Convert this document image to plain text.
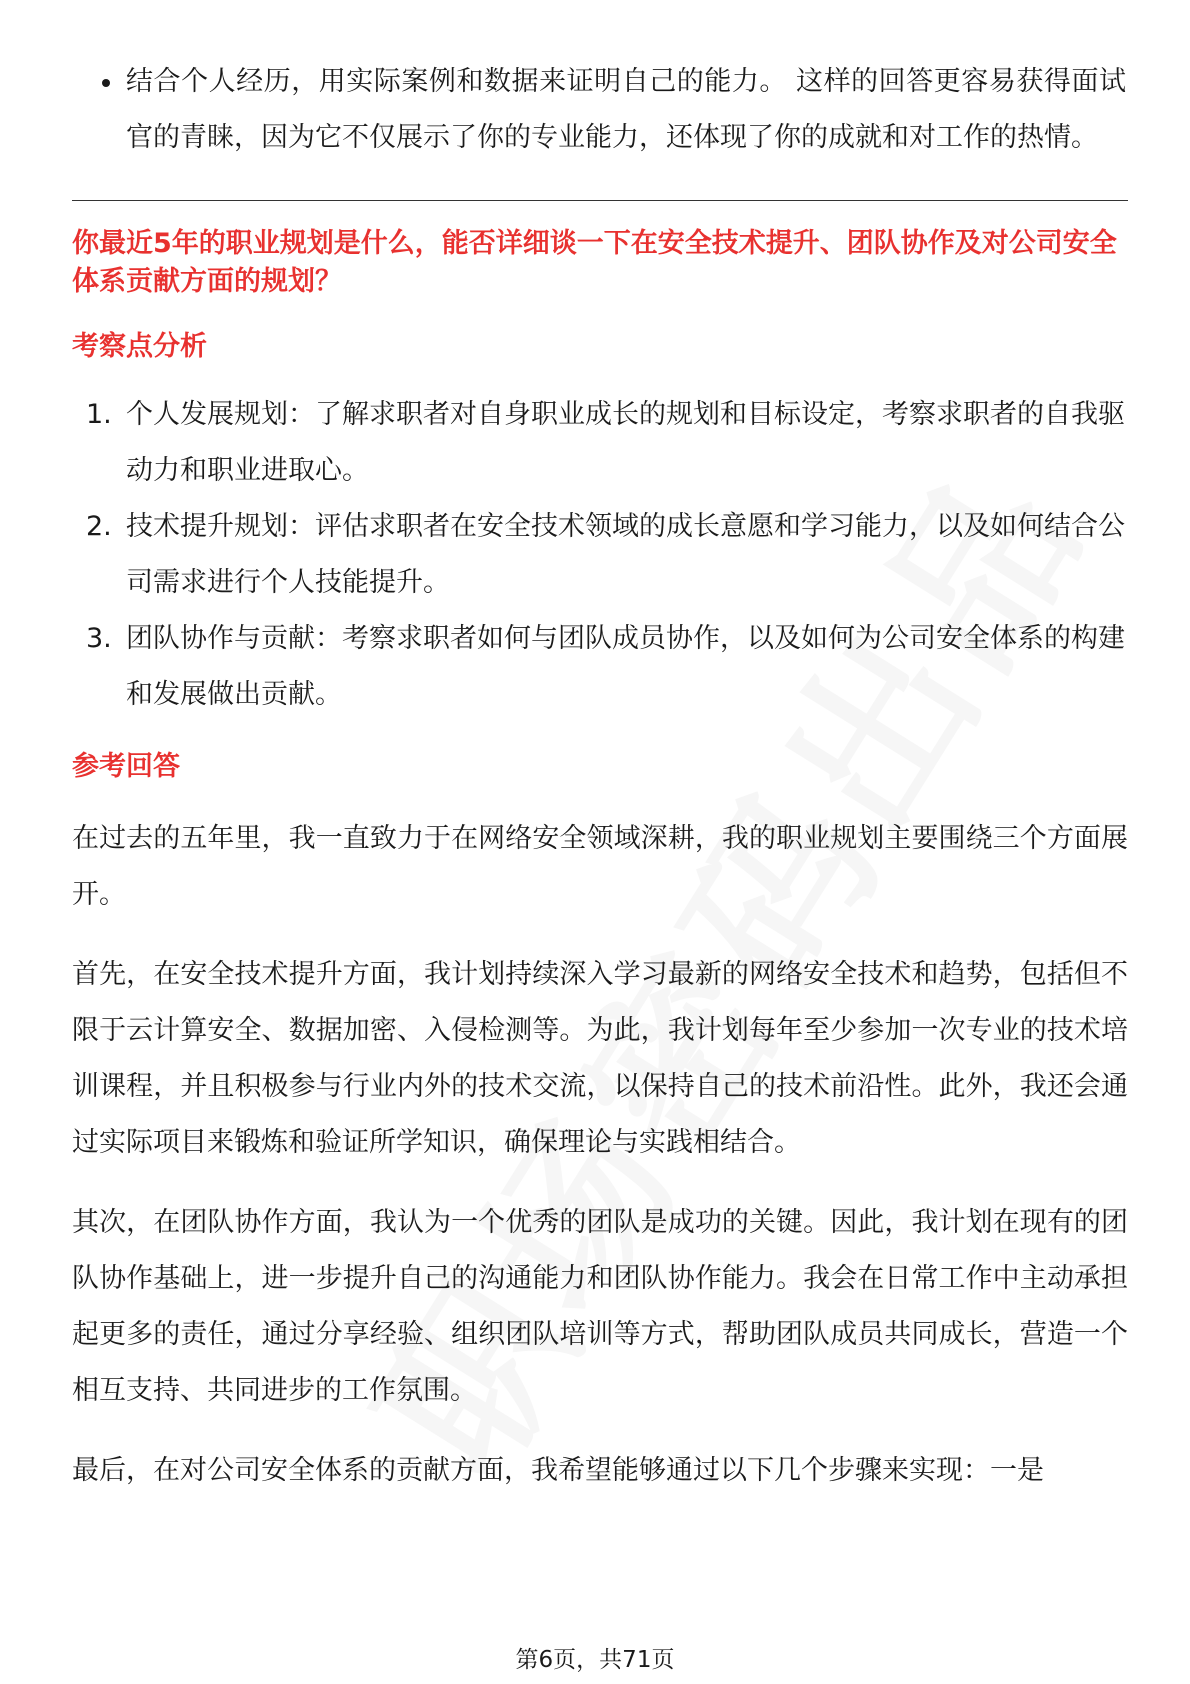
结合个人经历，用实际案例和数据来证明自己的能力。 这样的回答更容易获得面试官的青睐，因为它不仅展示了你的专业能力，还体现了你的成就和对工作的热情。
你最近5年的职业规划是什么，能否详细谈一下在安全技术提升、团队协作及对公司安全体系贡献方面的规划？
考察点分析
1. 个人发展规划：了解求职者对自身职业成长的规划和目标设定，考察求职者的自我驱动力和职业进取心。
2. 技术提升规划：评估求职者在安全技术领域的成长意愿和学习能力，以及如何结合公司需求进行个人技能提升。
3. 团队协作与贡献：考察求职者如何与团队成员协作，以及如何为公司安全体系的构建和发展做出贡献。
参考回答
在过去的五年里，我一直致力于在网络安全领域深耕，我的职业规划主要围绕三个方面展开。
首先，在安全技术提升方面，我计划持续深入学习最新的网络安全技术和趋势，包括但不限于云计算安全、数据加密、入侵检测等。为此，我计划每年至少参加一次专业的技术培训课程，并且积极参与行业内外的技术交流，以保持自己的技术前沿性。此外，我还会通过实际项目来锻炼和验证所学知识，确保理论与实践相结合。
其次，在团队协作方面，我认为一个优秀的团队是成功的关键。因此，我计划在现有的团队协作基础上，进一步提升自己的沟通能力和团队协作能力。我会在日常工作中主动承担起更多的责任，通过分享经验、组织团队培训等方式，帮助团队成员共同成长，营造一个相互支持、共同进步的工作氛围。
最后，在对公司安全体系的贡献方面，我希望能够通过以下几个步骤来实现：一是
第6页，共71页
